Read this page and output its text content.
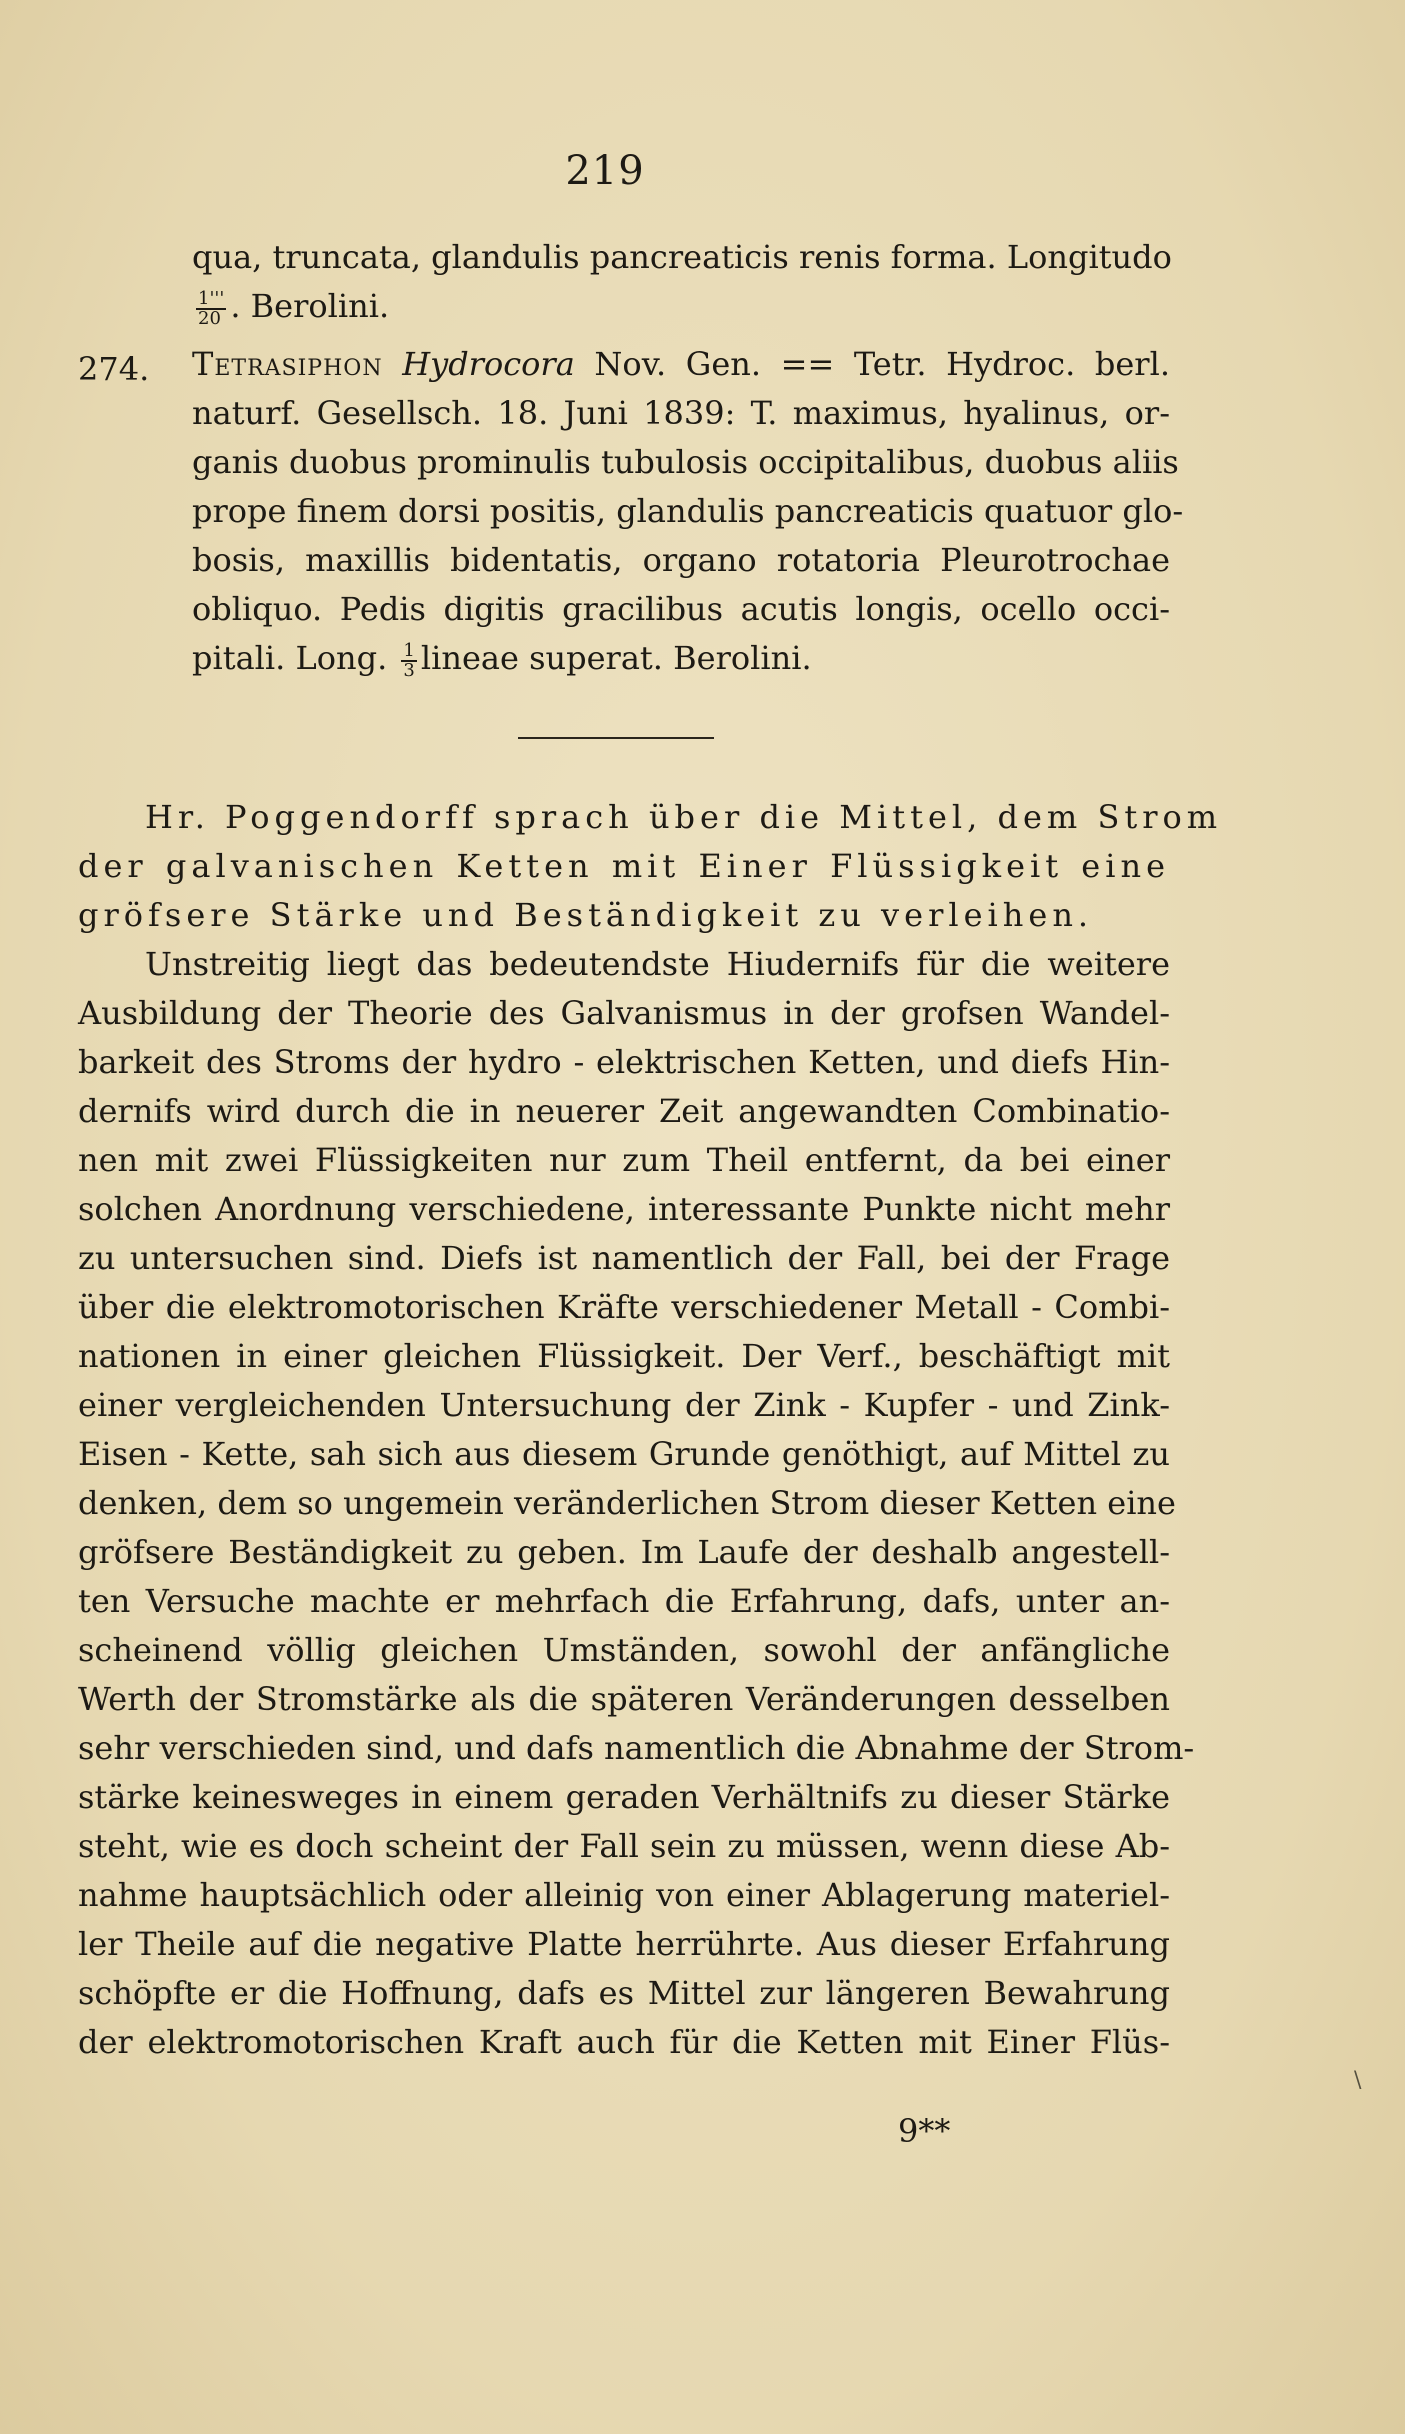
219
qua, truncata, glandulis pancreaticis renis forma. Longitudo
$\frac{1'''}{20}$ . Berolini.
274. Tetrasiphon Hydrocora Nov. Gen. == Tetr. Hydroc. berl.
naturf. Gesellsch. 18. Juni 1839: T. maximus, hyalinus, or-
ganis duobus prominulis tubulosis occipitalibus, duobus aliis
prope finem dorsi positis, glandulis pancreaticis quatuor glo-
bosis, maxillis bidentatis, organo rotatoria Pleurotrochae
obliquo. Pedis digitis gracilibus acutis longis, ocello occi-
pitali. Long. $\frac{1}{3}$ lineae superat. Berolini.
Hr. Poggendorff sprach über die Mittel, dem Strom
der galvanischen Ketten mit Einer Flüssigkeit eine
gröfsere Stärke und Beständigkeit zu verleihen.
Unstreitig liegt das bedeutendste Hiudernifs für die weitere
Ausbildung der Theorie des Galvanismus in der grofsen Wandel-
barkeit des Stroms der hydro - elektrischen Ketten, und diefs Hin-
dernifs wird durch die in neuerer Zeit angewandten Combinatio-
nen mit zwei Flüssigkeiten nur zum Theil entfernt, da bei einer
solchen Anordnung verschiedene, interessante Punkte nicht mehr
zu untersuchen sind. Diefs ist namentlich der Fall, bei der Frage
über die elektromotorischen Kräfte verschiedener Metall - Combi-
nationen in einer gleichen Flüssigkeit. Der Verf., beschäftigt mit
einer vergleichenden Untersuchung der Zink - Kupfer - und Zink-
Eisen - Kette, sah sich aus diesem Grunde genöthigt, auf Mittel zu
denken, dem so ungemein veränderlichen Strom dieser Ketten eine
gröfsere Beständigkeit zu geben. Im Laufe der deshalb angestell-
ten Versuche machte er mehrfach die Erfahrung, dafs, unter an-
scheinend völlig gleichen Umständen, sowohl der anfängliche
Werth der Stromstärke als die späteren Veränderungen desselben
sehr verschieden sind, und dafs namentlich die Abnahme der Strom-
stärke keinesweges in einem geraden Verhältnifs zu dieser Stärke
steht, wie es doch scheint der Fall sein zu müssen, wenn diese Ab-
nahme hauptsächlich oder alleinig von einer Ablagerung materiel-
ler Theile auf die negative Platte herrührte. Aus dieser Erfahrung
schöpfte er die Hoffnung, dafs es Mittel zur längeren Bewahrung
der elektromotorischen Kraft auch für die Ketten mit Einer Flüs-
9**
\
